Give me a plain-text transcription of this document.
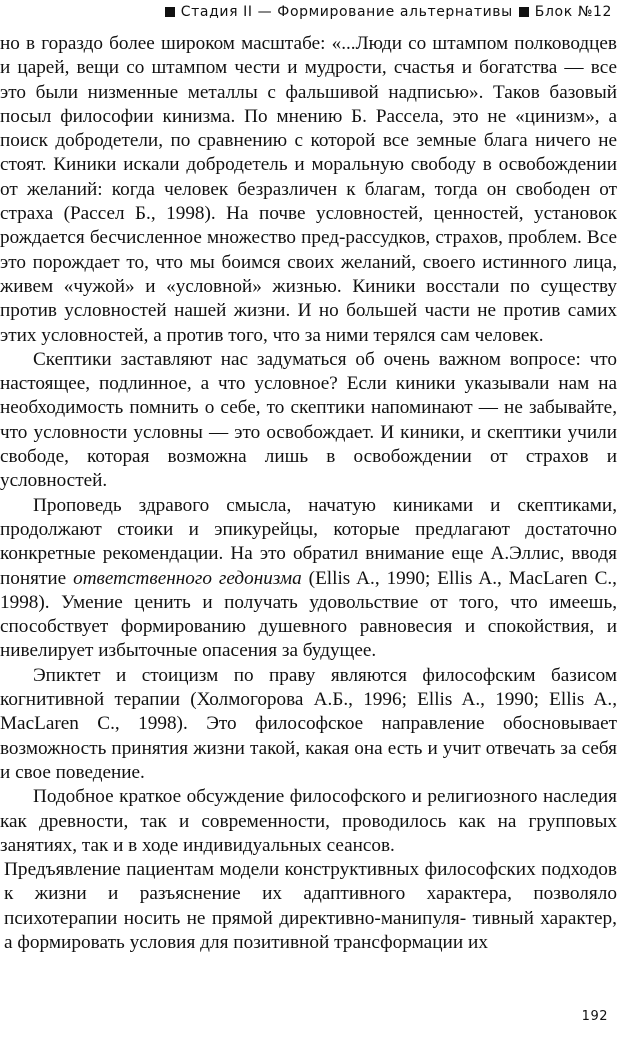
Стадия II — Формирование альтернативы Блок №12

но в гораздо более широком масштабе: «...Люди со штампом полководцев и царей, вещи со штампом чести и мудрости, счастья и богатства — все это были низменные металлы с фальшивой надписью». Таков базовый посыл философии кинизма. По мнению Б. Рассела, это не «цинизм», а поиск добродетели, по сравнению с которой все земные блага ничего не стоят. Киники искали добродетель и моральную свободу в освобождении от желаний: когда человек безразличен к благам, тогда он свободен от страха (Рассел Б., 1998). На почве условностей, ценностей, установок рождается бесчисленное множество пред-рассудков, страхов, проблем. Все это порождает то, что мы боимся своих желаний, своего истинного лица, живем «чужой» и «условной» жизнью. Киники восстали по существу против условностей нашей жизни. И но большей части не против самих этих условностей, а против того, что за ними терялся сам человек.

Скептики заставляют нас задуматься об очень важном вопросе: что настоящее, подлинное, а что условное? Если киники указывали нам на необходимость помнить о себе, то скептики напоминают — не забывайте, что условности условны — это освобождает. И киники, и скептики учили свободе, которая возможна лишь в освобождении от страхов и условностей.

Проповедь здравого смысла, начатую киниками и скептиками, продолжают стоики и эпикурейцы, которые предлагают достаточно конкретные рекомендации. На это обратил внимание еще А.Эллис, вводя понятие ответственного гедонизма (Ellis A., 1990; Ellis A., MacLaren C., 1998). Умение ценить и получать удовольствие от того, что имеешь, способствует формированию душевного равновесия и спокойствия, и нивелирует избыточные опасения за будущее.

Эпиктет и стоицизм по праву являются философским базисом когнитивной терапии (Холмогорова А.Б., 1996; Ellis A., 1990; Ellis A., MacLaren C., 1998). Это философское направление обосновывает возможность принятия жизни такой, какая она есть и учит отвечать за себя и свое поведение.

Подобное краткое обсуждение философского и религиозного наследия как древности, так и современности, проводилось как на групповых занятиях, так и в ходе индивидуальных сеансов.

Предъявление пациентам модели конструктивных философских подходов к жизни и разъяснение их адаптивного характера, позволяло психотерапии носить не прямой директивно-манипуля- тивный характер, а формировать условия для позитивной трансформации их

192
